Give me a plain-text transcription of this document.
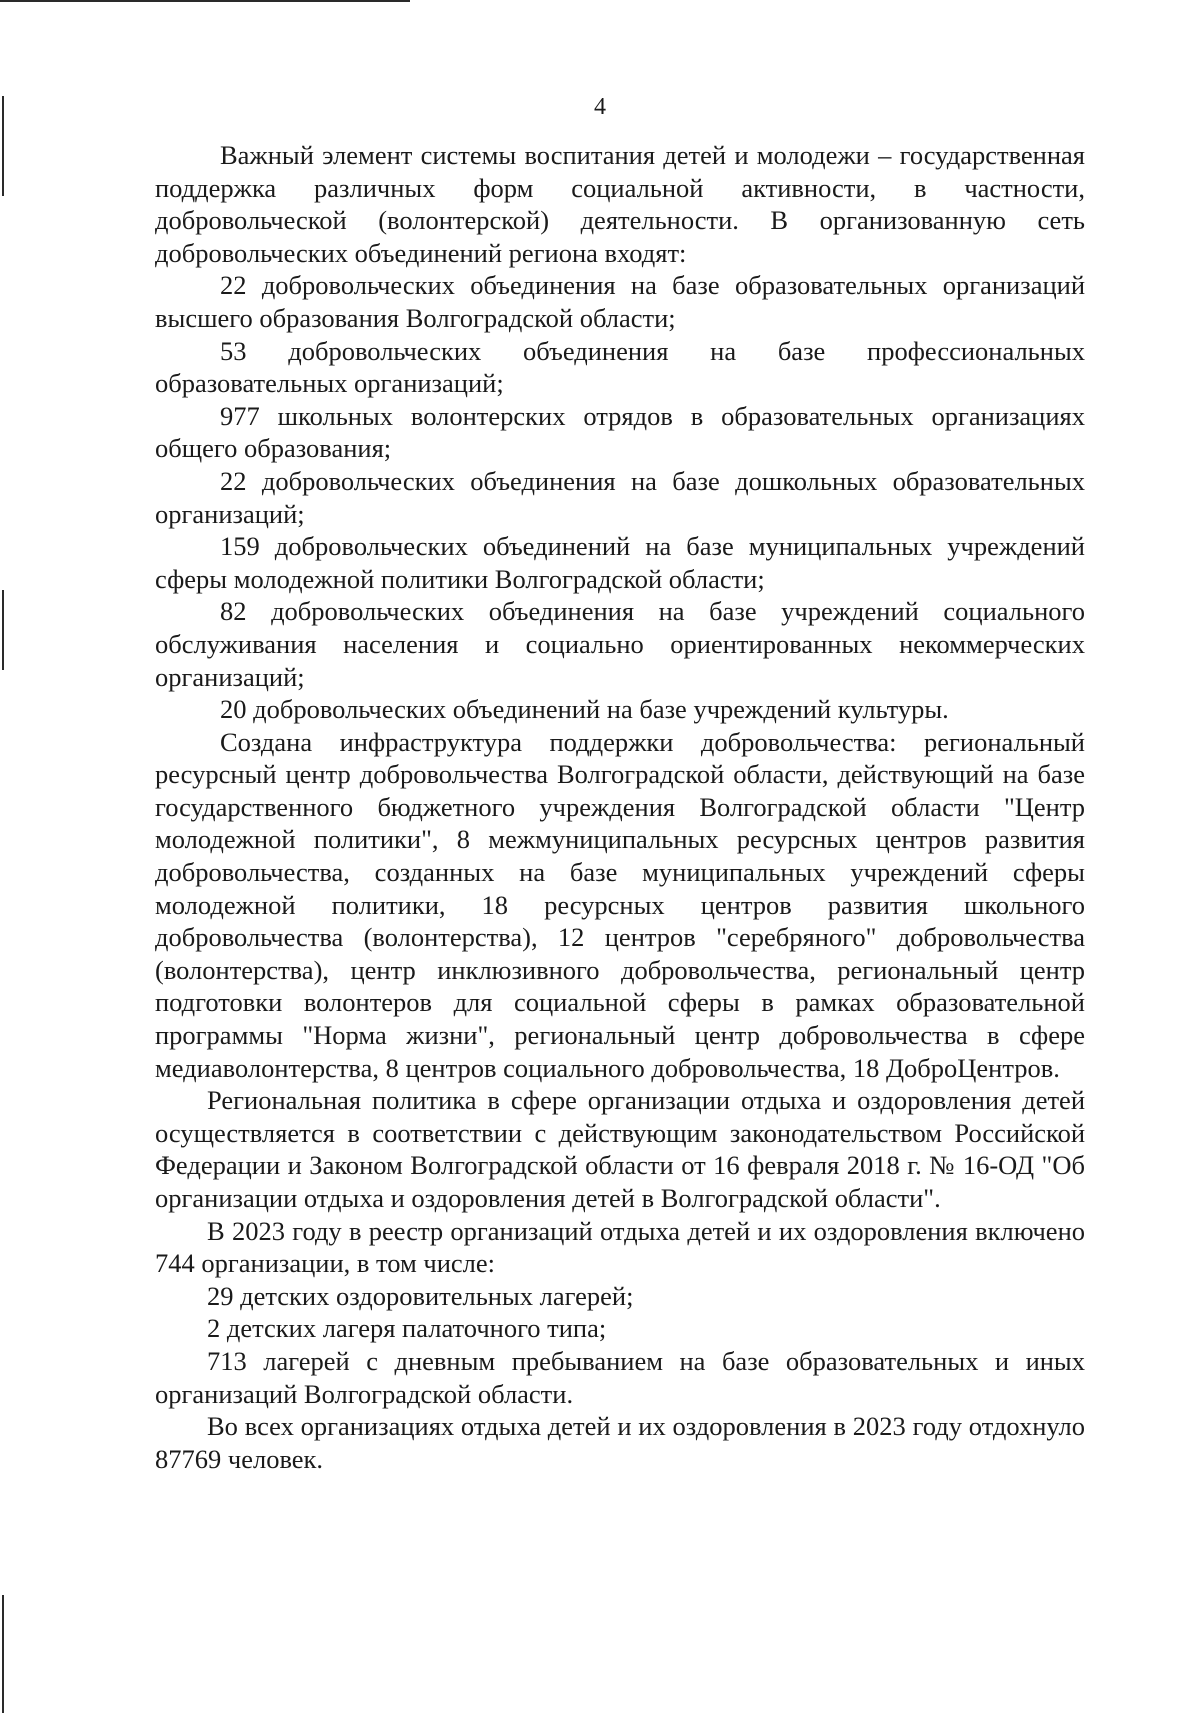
4

Важный элемент системы воспитания детей и молодежи – государственная поддержка различных форм социальной активности, в частности, добровольческой (волонтерской) деятельности. В организованную сеть добровольческих объединений региона входят:

22 добровольческих объединения на базе образовательных организаций высшего образования Волгоградской области;

53 добровольческих объединения на базе профессиональных образовательных организаций;

977 школьных волонтерских отрядов в образовательных организациях общего образования;

22 добровольческих объединения на базе дошкольных образовательных организаций;

159 добровольческих объединений на базе муниципальных учреждений сферы молодежной политики Волгоградской области;

82 добровольческих объединения на базе учреждений социального обслуживания населения и социально ориентированных некоммерческих организаций;

20 добровольческих объединений на базе учреждений культуры.

Создана инфраструктура поддержки добровольчества: региональный ресурсный центр добровольчества Волгоградской области, действующий на базе государственного бюджетного учреждения Волгоградской области "Центр молодежной политики", 8 межмуниципальных ресурсных центров развития добровольчества, созданных на базе муниципальных учреждений сферы молодежной политики, 18 ресурсных центров развития школьного добровольчества (волонтерства), 12 центров "серебряного" добровольчества (волонтерства), центр инклюзивного добровольчества, региональный центр подготовки волонтеров для социальной сферы в рамках образовательной программы "Норма жизни", региональный центр добровольчества в сфере медиаволонтерства, 8 центров социального добровольчества, 18 ДоброЦентров.

Региональная политика в сфере организации отдыха и оздоровления детей осуществляется в соответствии с действующим законодательством Российской Федерации и Законом Волгоградской области от 16 февраля 2018 г. № 16-ОД "Об организации отдыха и оздоровления детей в Волгоградской области".

В 2023 году в реестр организаций отдыха детей и их оздоровления включено 744 организации, в том числе:

29 детских оздоровительных лагерей;

2 детских лагеря палаточного типа;

713 лагерей с дневным пребыванием на базе образовательных и иных организаций Волгоградской области.

Во всех организациях отдыха детей и их оздоровления в 2023 году отдохнуло 87769 человек.
